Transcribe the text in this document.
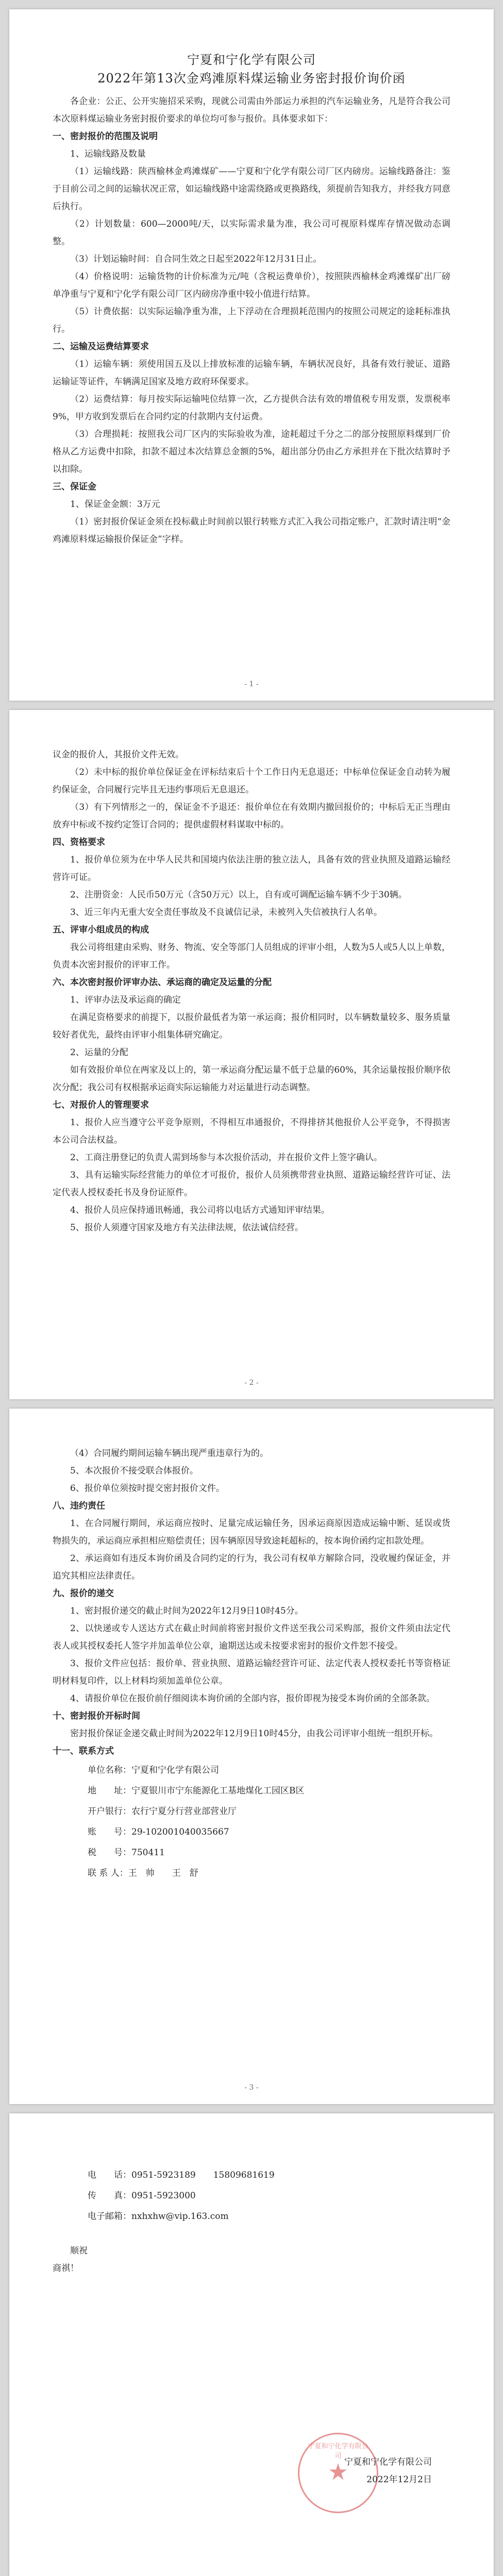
宁夏和宁化学有限公司
2022年第13次金鸡滩原料煤运输业务密封报价询价函

各企业：公正、公开实施招采采购，现就公司需由外部运力承担的汽车运输业务，凡是符合我公司本次原料煤运输业务密封报价要求的单位均可参与报价。具体要求如下：

一、密封报价的范围及说明

1、运输线路及数量

（1）运输线路：陕西榆林金鸡滩煤矿——宁夏和宁化学有限公司厂区内磅房。运输线路备注：鉴于目前公司之间的运输状况正常，如运输线路中途需绕路或更换路线，须提前告知我方，并经我方同意后执行。

（2）计划数量：600—2000吨/天，以实际需求量为准，我公司可视原料煤库存情况做动态调整。

（3）计划运输时间：自合同生效之日起至2022年12月31日止。

（4）价格说明：运输货物的计价标准为元/吨（含税运费单价），按照陕西榆林金鸡滩煤矿出厂磅单净重与宁夏和宁化学有限公司厂区内磅房净重中较小值进行结算。

（5）计费依据：以实际运输净重为准，上下浮动在合理损耗范围内的按照公司规定的途耗标准执行。

二、运输及运费结算要求

（1）运输车辆：须使用国五及以上排放标准的运输车辆，车辆状况良好，具备有效行驶证、道路运输证等证件，车辆满足国家及地方政府环保要求。

（2）运费结算：每月按实际运输吨位结算一次，乙方提供合法有效的增值税专用发票，发票税率9%，甲方收到发票后在合同约定的付款期内支付运费。

（3）合理损耗：按照我公司厂区内的实际验收为准，途耗超过千分之二的部分按照原料煤到厂价格从乙方运费中扣除，扣款不超过本次结算总金额的5%，超出部分仍由乙方承担并在下批次结算时予以扣除。

三、保证金

1、保证金金额：3万元

（1）密封报价保证金须在投标截止时间前以银行转账方式汇入我公司指定账户，汇款时请注明“金鸡滩原料煤运输报价保证金”字样。

- 1 -

议金的报价人，其报价文件无效。

（2）未中标的报价单位保证金在评标结束后十个工作日内无息退还；中标单位保证金自动转为履约保证金，合同履行完毕且无违约事项后无息退还。

（3）有下列情形之一的，保证金不予退还：报价单位在有效期内撤回报价的；中标后无正当理由放弃中标或不按约定签订合同的；提供虚假材料谋取中标的。

四、资格要求

1、报价单位须为在中华人民共和国境内依法注册的独立法人，具备有效的营业执照及道路运输经营许可证。

2、注册资金：人民币50万元（含50万元）以上，自有或可调配运输车辆不少于30辆。

3、近三年内无重大安全责任事故及不良诚信记录，未被列入失信被执行人名单。

五、评审小组成员的构成

我公司将组建由采购、财务、物流、安全等部门人员组成的评审小组，人数为5人或5人以上单数，负责本次密封报价的评审工作。

六、本次密封报价评审办法、承运商的确定及运量的分配

1、评审办法及承运商的确定

在满足资格要求的前提下，以报价最低者为第一承运商；报价相同时，以车辆数量较多、服务质量较好者优先，最终由评审小组集体研究确定。

2、运量的分配

如有效报价单位在两家及以上的，第一承运商分配运量不低于总量的60%，其余运量按报价顺序依次分配；我公司有权根据承运商实际运输能力对运量进行动态调整。

七、对报价人的管理要求

1、报价人应当遵守公平竞争原则，不得相互串通报价，不得排挤其他报价人公平竞争，不得损害本公司合法权益。

2、工商注册登记的负责人需到场参与本次报价活动，并在报价文件上签字确认。

3、具有运输实际经营能力的单位才可报价，报价人员须携带营业执照、道路运输经营许可证、法定代表人授权委托书及身份证原件。

4、报价人员应保持通讯畅通，我公司将以电话方式通知评审结果。

5、报价人须遵守国家及地方有关法律法规，依法诚信经营。

- 2 -

（4）合同履约期间运输车辆出现严重违章行为的。

5、本次报价不接受联合体报价。

6、报价单位须按时提交密封报价文件。

八、违约责任

1、在合同履行期间，承运商应按时、足量完成运输任务，因承运商原因造成运输中断、延误或货物损失的，承运商应承担相应赔偿责任；因车辆原因导致途耗超标的，按本询价函约定扣款处理。

2、承运商如有违反本询价函及合同约定的行为，我公司有权单方解除合同，没收履约保证金，并追究其相应法律责任。

九、报价的递交

1、密封报价递交的截止时间为2022年12月9日10时45分。

2、以快递或专人送达方式在截止时间前将密封报价文件送至我公司采购部，报价文件须由法定代表人或其授权委托人签字并加盖单位公章，逾期送达或未按要求密封的报价文件恕不接受。

3、报价文件应包括：报价单、营业执照、道路运输经营许可证、法定代表人授权委托书等资格证明材料复印件，以上材料均须加盖单位公章。

4、请报价单位在报价前仔细阅读本询价函的全部内容，报价即视为接受本询价函的全部条款。

十、密封报价开标时间

密封报价保证金递交截止时间为2022年12月9日10时45分，由我公司评审小组统一组织开标。

十一、联系方式

单位名称：宁夏和宁化学有限公司

地　　址：宁夏银川市宁东能源化工基地煤化工园区B区

开户银行：农行宁夏分行营业部营业厅

账　　号：29-102001040035667

税　　号：750411

联 系 人：王　帅　　王　舒

- 3 -

电　　话：0951-5923189　　15809681619

传　　真：0951-5923000

电子邮箱：nxhxhw@vip.163.com

顺祝

商祺！

宁夏和宁化学有限公司
★
宁夏和宁化学有限公司
2022年12月2日
